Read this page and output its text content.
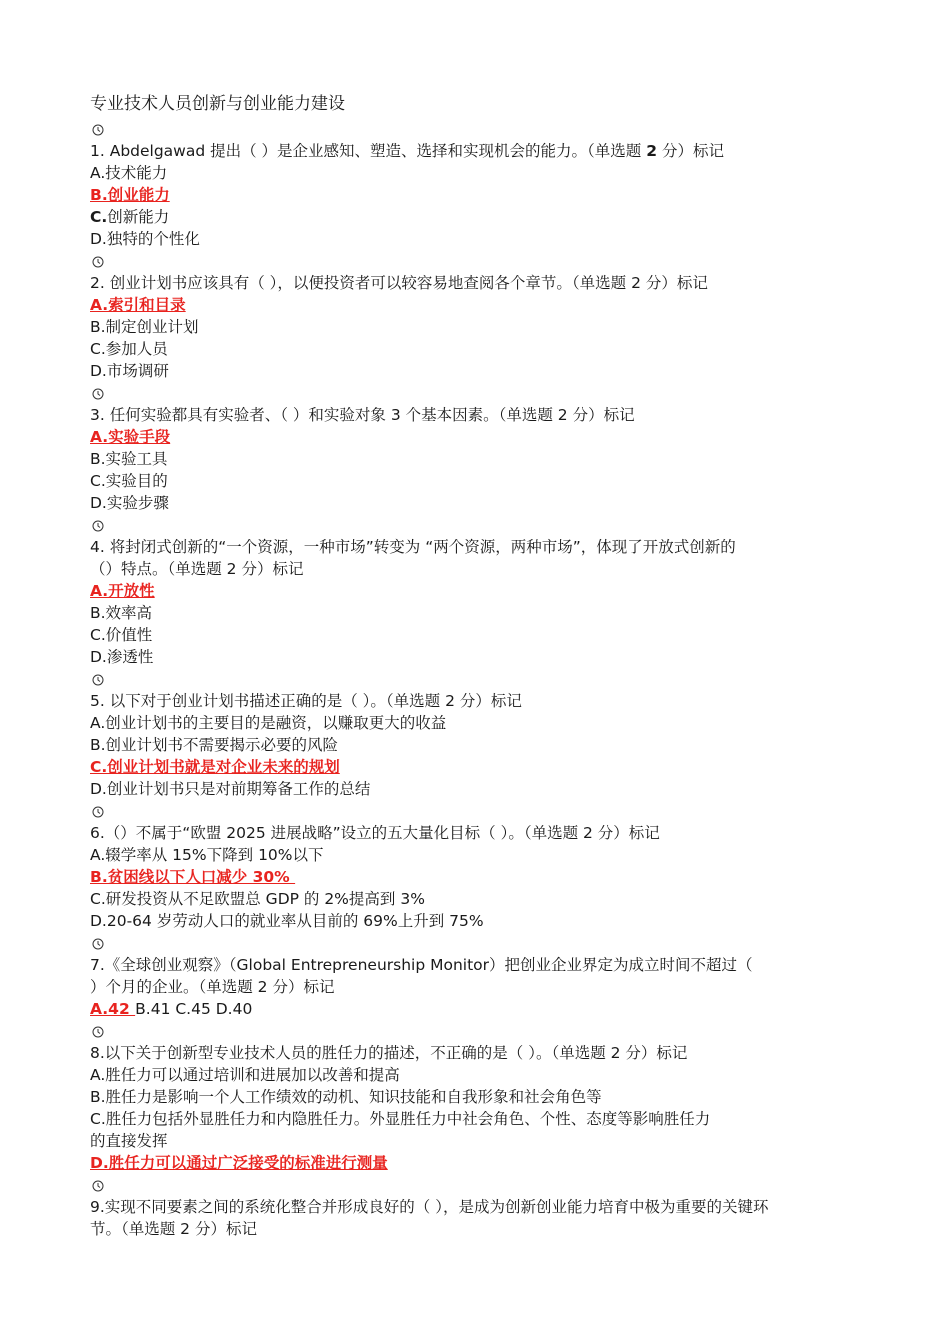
专业技术人员创新与创业能力建设
1. Abdelgawad 提出（ ）是企业感知、塑造、选择和实现机会的能力。（单选题 2 分）标记
A.技术能力
B.创业能力
C.创新能力
D.独特的个性化
2. 创业计划书应该具有（ ），以便投资者可以较容易地查阅各个章节。（单选题 2 分）标记
A.索引和目录
B.制定创业计划
C.参加人员
D.市场调研
3. 任何实验都具有实验者、（ ）和实验对象 3 个基本因素。（单选题 2 分）标记
A.实验手段
B.实验工具
C.实验目的
D.实验步骤
4. 将封闭式创新的“一个资源，一种市场”转变为 “两个资源，两种市场”，体现了开放式创新的
（）特点。（单选题 2 分）标记
A.开放性
B.效率高
C.价值性
D.渗透性
5. 以下对于创业计划书描述正确的是（ ）。（单选题 2 分）标记
A.创业计划书的主要目的是融资，以赚取更大的收益
B.创业计划书不需要揭示必要的风险
C.创业计划书就是对企业未来的规划
D.创业计划书只是对前期筹备工作的总结
6.（）不属于“欧盟 2025 进展战略”设立的五大量化目标（ ）。（单选题 2 分）标记
A.辍学率从 15%下降到 10%以下
B.贫困线以下人口减少 30%
C.研发投资从不足欧盟总 GDP 的 2%提高到 3%
D.20-64 岁劳动人口的就业率从目前的 69%上升到 75%
7.《全球创业观察》（Global Entrepreneurship Monitor）把创业企业界定为成立时间不超过（
）个月的企业。（单选题 2 分）标记
A.42 B.41 C.45 D.40
8.以下关于创新型专业技术人员的胜任力的描述，不正确的是（ ）。（单选题 2 分）标记
A.胜任力可以通过培训和进展加以改善和提高
B.胜任力是影响一个人工作绩效的动机、知识技能和自我形象和社会角色等
C.胜任力包括外显胜任力和内隐胜任力。外显胜任力中社会角色、个性、态度等影响胜任力
的直接发挥
D.胜任力可以通过广泛接受的标准进行测量
9.实现不同要素之间的系统化整合并形成良好的（ ），是成为创新创业能力培育中极为重要的关键环
节。（单选题 2 分）标记
